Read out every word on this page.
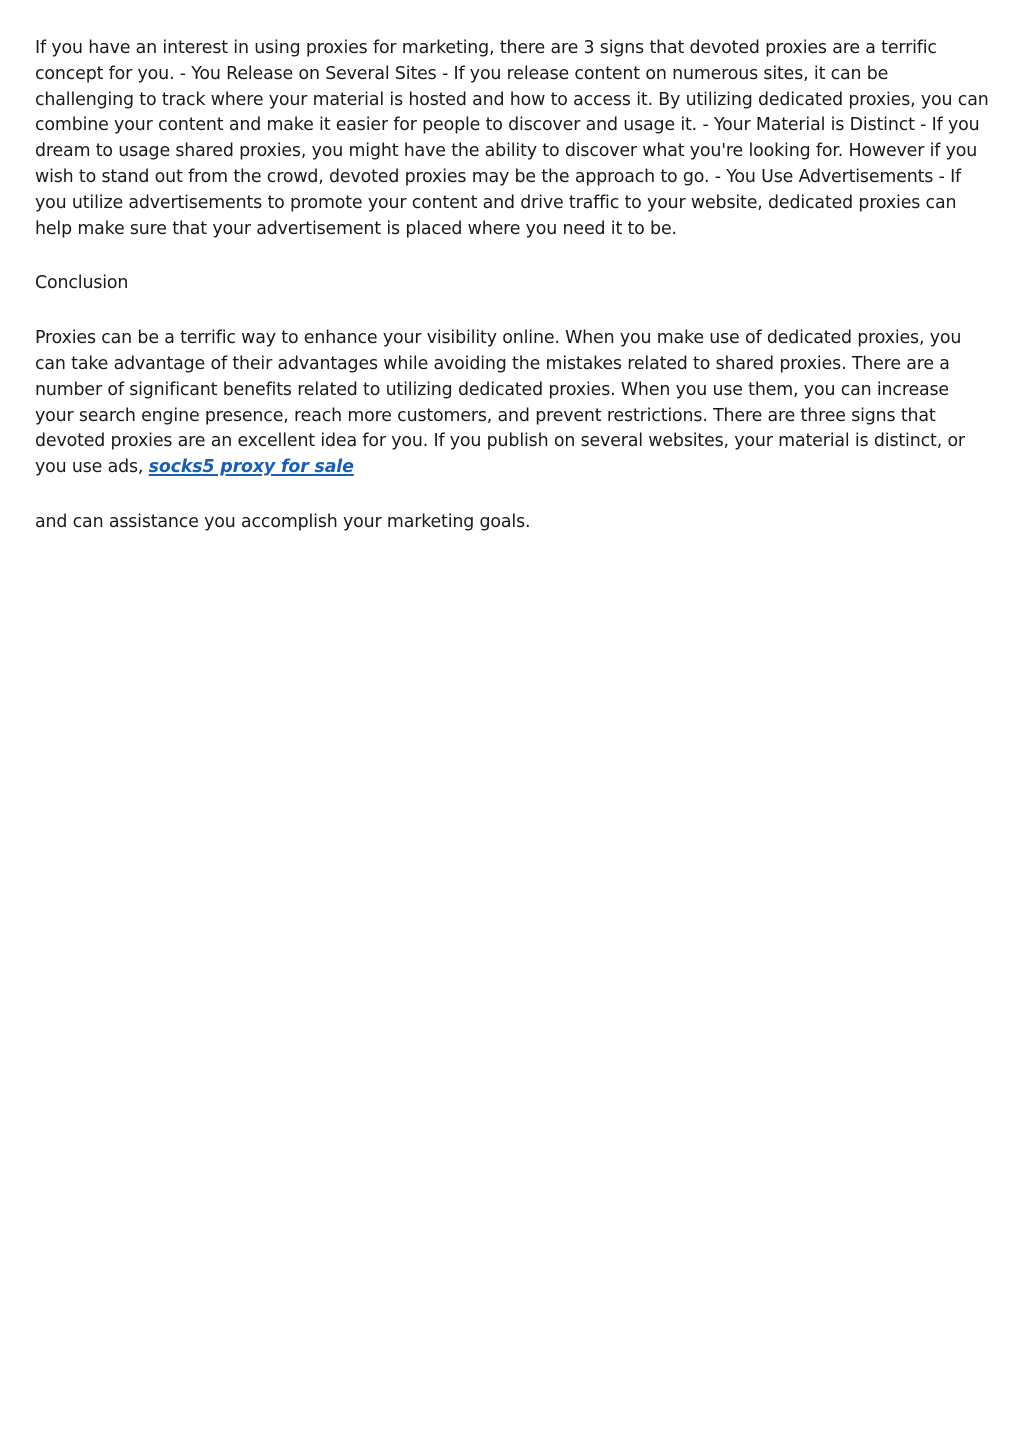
If you have an interest in using proxies for marketing, there are 3 signs that devoted proxies are a terrific concept for you. - You Release on Several Sites - If you release content on numerous sites, it can be challenging to track where your material is hosted and how to access it. By utilizing dedicated proxies, you can combine your content and make it easier for people to discover and usage it. - Your Material is Distinct - If you dream to usage shared proxies, you might have the ability to discover what you're looking for. However if you wish to stand out from the crowd, devoted proxies may be the approach to go. - You Use Advertisements - If you utilize advertisements to promote your content and drive traffic to your website, dedicated proxies can help make sure that your advertisement is placed where you need it to be.

Conclusion

Proxies can be a terrific way to enhance your visibility online. When you make use of dedicated proxies, you can take advantage of their advantages while avoiding the mistakes related to shared proxies. There are a number of significant benefits related to utilizing dedicated proxies. When you use them, you can increase your search engine presence, reach more customers, and prevent restrictions. There are three signs that devoted proxies are an excellent idea for you. If you publish on several websites, your material is distinct, or you use ads, socks5 proxy for sale

and can assistance you accomplish your marketing goals.
